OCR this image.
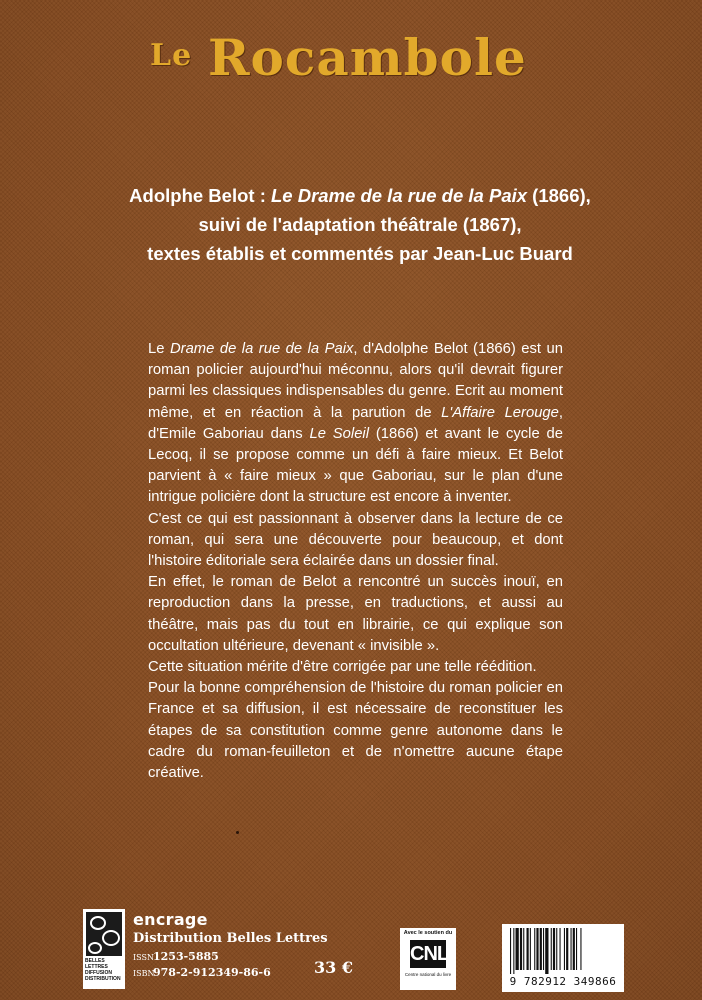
Le Rocambole
Adolphe Belot : Le Drame de la rue de la Paix (1866),
suivi de l'adaptation théâtrale (1867),
textes établis et commentés par Jean-Luc Buard

Le Drame de la rue de la Paix, d'Adolphe Belot (1866) est un roman policier aujourd'hui méconnu, alors qu'il devrait figurer parmi les classiques indispensables du genre. Ecrit au moment même, et en réaction à la parution de L'Affaire Lerouge, d'Emile Gaboriau dans Le Soleil (1866) et avant le cycle de Lecoq, il se propose comme un défi à faire mieux. Et Belot parvient à « faire mieux » que Gaboriau, sur le plan d'une intrigue policière dont la structure est encore à inventer.

C'est ce qui est passionnant à observer dans la lecture de ce roman, qui sera une découverte pour beaucoup, et dont l'histoire éditoriale sera éclairée dans un dossier final.

En effet, le roman de Belot a rencontré un succès inouï, en reproduction dans la presse, en traductions, et aussi au théâtre, mais pas du tout en librairie, ce qui explique son occultation ultérieure, devenant « invisible ».

Cette situation mérite d'être corrigée par une telle réédition.

Pour la bonne compréhension de l'histoire du roman policier en France et sa diffusion, il est nécessaire de reconstituer les étapes de sa constitution comme genre autonome dans le cadre du roman-feuilleton et de n'omettre aucune étape créative.

BELLES LETTRES
DIFFUSION
DISTRIBUTION

encrage

Distribution Belles Lettres

ISSN1253-5885

ISBN978-2-912349-86-6	33 €
Avec le soutien du
CNL
Centre national du livre
9 782912 349866
